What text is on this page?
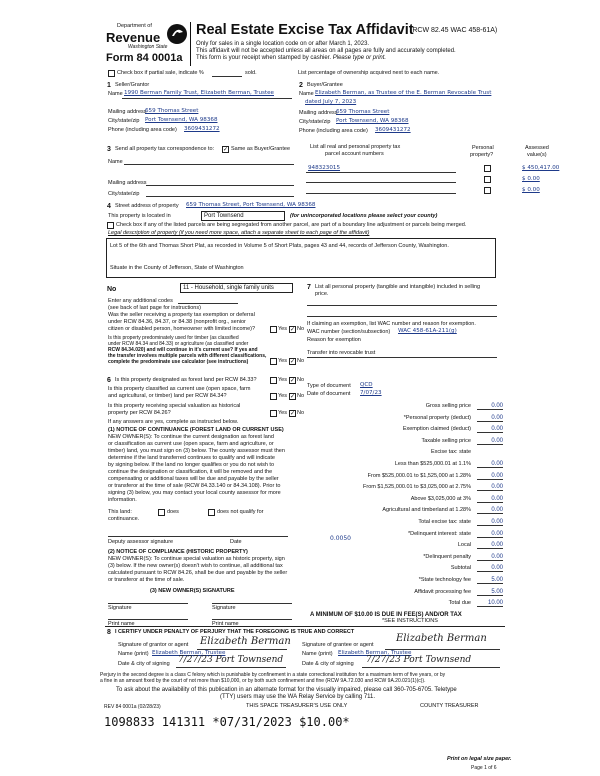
Department of
Revenue
Washington State
Form 84 0001a
Real Estate Excise Tax Affidavit
(RCW 82.45 WAC 458-61A)
Only for sales in a single location code on or after March 1, 2023.
This affidavit will not be accepted unless all areas on all pages are fully and accurately completed.
This form is your receipt when stamped by cashier. Please type or print.
Check box if partial sale, indicate %	sold.	List percentage of ownership acquired next to each name.
1 Seller/Grantor
Name 1990 Berman Family Trust, Elizabeth Berman, Trustee
Mailing address
659 Thomas Street
City/state/zip Port Townsend, WA 98368
Phone (including area code) 3609431272
2 Buyer/Grantee
Name Elizabeth Berman, as Trustee of the E. Berman Revocable Trust
dated July 7, 2023
Mailing address
659 Thomas Street
City/state/zip Port Townsend, WA 98368
Phone (including area code) 3609431272
3 Send all property tax correspondence to: ✓ Same as Buyer/Grantee
Name
Mailing address
City/state/zip
List all real and personal property tax
parcel account numbers
Personal
property?
Assessed
value(s)
948323015	$ 450,417.00
$ 0.00
$ 0.00
4 Street address of property 659 Thomas Street, Port Townsend, WA 98368
This property is located in	Port Townsend	(for unincorporated locations please select your county)
Check box if any of the listed parcels are being segregated from another parcel, are part of a boundary line adjustment or parcels being merged.
Legal description of property (if you need more space, attach a separate sheet to each page of the affidavit)
Lot 5 of the 6th and Thomas Short Plat, as recorded in Volume 5 of Short Plats, pages 43 and 44, records of Jefferson County, Washington.
Situate in the County of Jefferson, State of Washington
No	11 - Household, single family units
Enter any additional codes
(see back of last page for instructions)
Was the seller receiving a property tax exemption or deferral
under RCW 84.36, 84.37, or 84.38 (nonprofit org., senior
citizen or disabled person, homeowner with limited income)?	Yes ✓ No
Is this property predominately used for timber (as classified
under RCW 84.34 and 84.33) or agriculture (as classified under
RCW 84.34.020) and will continue in it's current use? If yes and
the transfer involves multiple parcels with different classifications,
complete the predominate use calculator (see instructions)	Yes ✓ No
6 Is this property designated as forest land per RCW 84.33?	Yes ✓ No
Is this property classified as current use (open space, farm
and agricultural, or timber) land per RCW 84.34?	Yes ✓ No
Is this property receiving special valuation as historical
property per RCW 84.26?	Yes ✓ No
If any answers are yes, complete as instructed below.
(1) NOTICE OF CONTINUANCE (FOREST LAND OR CURRENT USE)
NEW OWNER(S): To continue the current designation as forest land
or classification as current use (open space, farm and agriculture, or
timber) land, you must sign on (3) below. The county assessor must then
determine if the land transferred continues to qualify and will indicate
by signing below. If the land no longer qualifies or you do not wish to
continue the designation or classification, it will be removed and the
compensating or additional taxes will be due and payable by the seller
or transferor at the time of sale (RCW 84.33.140 or 84.34.108). Prior to
signing (3) below, you may contact your local county assessor for more
information.
This land:	does	does not qualify for
continuance.
Deputy assessor signature	Date
(2) NOTICE OF COMPLIANCE (HISTORIC PROPERTY)
NEW OWNER(S): To continue special valuation as historic property, sign
(3) below. If the new owner(s) doesn't wish to continue, all additional tax
calculated pursuant to RCW 84.26, shall be due and payable by the seller
or transferor at the time of sale.
(3) NEW OWNER(S) SIGNATURE
Signature	Signature
Print name	Print name
7 List all personal property (tangible and intangible) included in selling
price.
If claiming an exemption, list WAC number and reason for exemption.
WAC number (section/subsection) WAC 458-61A-211(g)
Reason for exemption
Transfer into revocable trust
Type of document QCD
Date of document 7/07/23
Gross selling price	0.00
*Personal property (deduct)	0.00
Exemption claimed (deduct)	0.00
Taxable selling price	0.00
Excise tax: state
Less than $525,000.01 at 1.1%	0.00
From $525,000.01 to $1,525,000 at 1.28%	0.00
From $1,525,000.01 to $3,025,000 at 2.75%	0.00
Above $3,025,000 at 3%	0.00
Agricultural and timberland at 1.28%	0.00
Total excise tax: state	0.00
*Delinquent interest: state	0.00
Local	0.00
*Delinquent penalty	0.00
Subtotal	0.00
*State technology fee	5.00
Affidavit processing fee	5.00
Total due	10.00
0.0050
A MINIMUM OF $10.00 IS DUE IN FEE(S) AND/OR TAX
*SEE INSTRUCTIONS
8 I CERTIFY UNDER PENALTY OF PERJURY THAT THE FOREGOING IS TRUE AND CORRECT
Signature of grantor or agent Elizabeth Berman
Name (print) Elizabeth Berman, Trustee
Date & city of signing 7/27/23 Port Townsend
Signature of grantee or agent
Elizabeth Berman
Name (print) Elizabeth Berman, Trustee
Date & city of signing 7/27/23 Port Townsend
Perjury in the second degree is a class C felony which is punishable by confinement in a state correctional institution for a maximum term of five years, or by
a fine in an amount fixed by the court of not more than $10,000, or by both such confinement and fine (RCW 9A.72.030 and RCW 9A.20.021(1)(c)).
To ask about the availability of this publication in an alternate format for the visually impaired, please call 360-705-6705. Teletype
(TTY) users may use the WA Relay Service by calling 711.
REV 84 0001a (02/28/23)	THIS SPACE TREASURER'S USE ONLY	COUNTY TREASURER
1098833 141311 *07/31/2023 $10.00*
Print on legal size paper.
Page 1 of 6
